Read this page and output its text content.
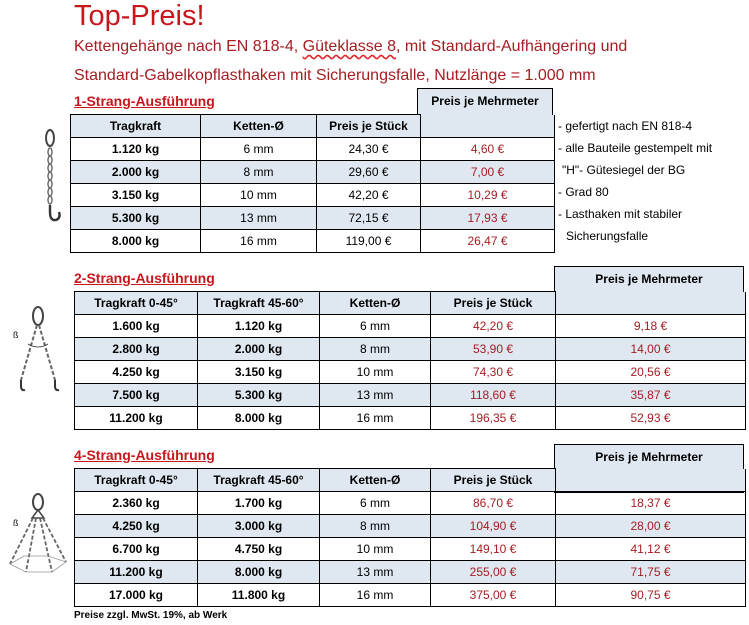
Top-Preis!
Kettengehänge nach EN 818-4, Güteklasse 8, mit Standard-Aufhängering und
Standard-Gabelkopflasthaken mit Sicherungsfalle, Nutzlänge = 1.000 mm
1-Strang-Ausführung	Preis je Mehrmeter
Tragkraft	Ketten-Ø	Preis je Stück	
1.120 kg	6 mm	24,30 €	4,60 €
2.000 kg	8 mm	29,60 €	7,00 €
3.150 kg	10 mm	42,20 €	10,29 €
5.300 kg	13 mm	72,15 €	17,93 €
8.000 kg	16 mm	119,00 €	26,47 €
- gefertigt nach EN 818-4
- alle Bauteile gestempelt mit
"H"- Gütesiegel der BG
- Grad 80
- Lasthaken mit stabiler
Sicherungsfalle
2-Strang-Ausführung	Preis je Mehrmeter
Tragkraft 0-45°	Tragkraft 45-60°	Ketten-Ø	Preis je Stück	
1.600 kg	1.120 kg	6 mm	42,20 €	9,18 €
2.800 kg	2.000 kg	8 mm	53,90 €	14,00 €
4.250 kg	3.150 kg	10 mm	74,30 €	20,56 €
7.500 kg	5.300 kg	13 mm	118,60 €	35,87 €
11.200 kg	8.000 kg	16 mm	196,35 €	52,93 €
ß
4-Strang-Ausführung	Preis je Mehrmeter
Tragkraft 0-45°	Tragkraft 45-60°	Ketten-Ø	Preis je Stück	
2.360 kg	1.700 kg	6 mm	86,70 €	18,37 €
4.250 kg	3.000 kg	8 mm	104,90 €	28,00 €
6.700 kg	4.750 kg	10 mm	149,10 €	41,12 €
11.200 kg	8.000 kg	13 mm	255,00 €	71,75 €
17.000 kg	11.800 kg	16 mm	375,00 €	90,75 €
ß
Preise zzgl. MwSt. 19%, ab Werk
